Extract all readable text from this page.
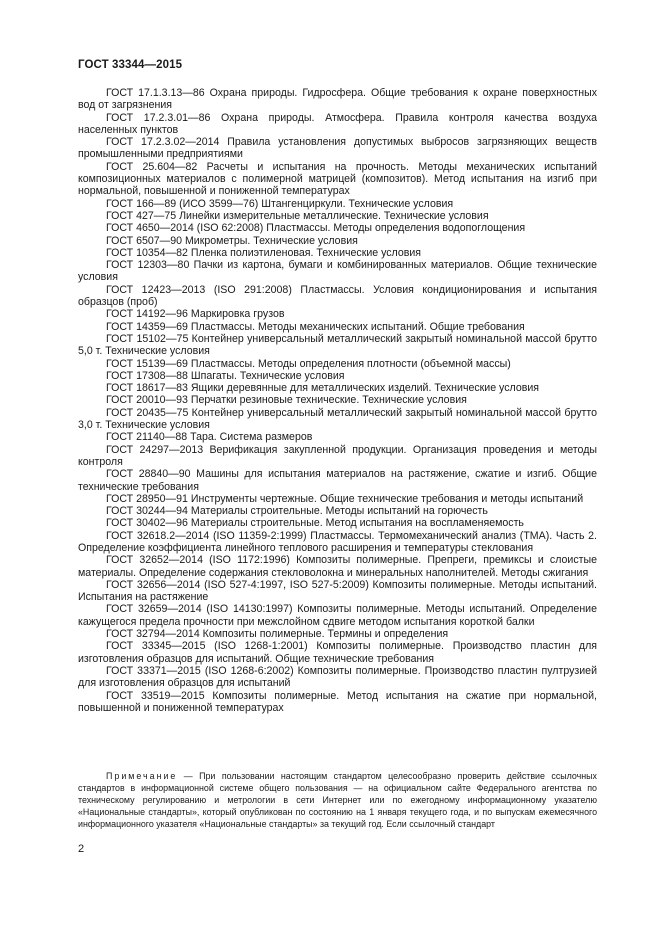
ГОСТ 33344—2015

ГОСТ 17.1.3.13—86 Охрана природы. Гидросфера. Общие требования к охране поверхностных вод от загрязнения

ГОСТ 17.2.3.01—86 Охрана природы. Атмосфера. Правила контроля качества воздуха населенных пунктов

ГОСТ 17.2.3.02—2014 Правила установления допустимых выбросов загрязняющих веществ промышленными предприятиями

ГОСТ 25.604—82 Расчеты и испытания на прочность. Методы механических испытаний композиционных материалов с полимерной матрицей (композитов). Метод испытания на изгиб при нормальной, повышенной и пониженной температурах

ГОСТ 166—89 (ИСО 3599—76) Штангенциркули. Технические условия

ГОСТ 427—75 Линейки измерительные металлические. Технические условия

ГОСТ 4650—2014 (ISO 62:2008) Пластмассы. Методы определения водопоглощения

ГОСТ 6507—90 Микрометры. Технические условия

ГОСТ 10354—82 Пленка полиэтиленовая. Технические условия

ГОСТ 12303—80 Пачки из картона, бумаги и комбинированных материалов. Общие технические условия

ГОСТ 12423—2013 (ISO 291:2008) Пластмассы. Условия кондиционирования и испытания образцов (проб)

ГОСТ 14192—96 Маркировка грузов

ГОСТ 14359—69 Пластмассы. Методы механических испытаний. Общие требования

ГОСТ 15102—75 Контейнер универсальный металлический закрытый номинальной массой брутто 5,0 т. Технические условия

ГОСТ 15139—69 Пластмассы. Методы определения плотности (объемной массы)

ГОСТ 17308—88 Шпагаты. Технические условия

ГОСТ 18617—83 Ящики деревянные для металлических изделий. Технические условия

ГОСТ 20010—93 Перчатки резиновые технические. Технические условия

ГОСТ 20435—75 Контейнер универсальный металлический закрытый номинальной массой брутто 3,0 т. Технические условия

ГОСТ 21140—88 Тара. Система размеров

ГОСТ 24297—2013 Верификация закупленной продукции. Организация проведения и методы контроля

ГОСТ 28840—90 Машины для испытания материалов на растяжение, сжатие и изгиб. Общие технические требования

ГОСТ 28950—91 Инструменты чертежные. Общие технические требования и методы испытаний

ГОСТ 30244—94 Материалы строительные. Методы испытаний на горючесть

ГОСТ 30402—96 Материалы строительные. Метод испытания на воспламеняемость

ГОСТ 32618.2—2014 (ISO 11359-2:1999) Пластмассы. Термомеханический анализ (ТМА). Часть 2. Определение коэффициента линейного теплового расширения и температуры стеклования

ГОСТ 32652—2014 (ISO 1172:1996) Композиты полимерные. Препреги, премиксы и слоистые материалы. Определение содержания стекловолокна и минеральных наполнителей. Методы сжигания

ГОСТ 32656—2014 (ISO 527-4:1997, ISO 527-5:2009) Композиты полимерные. Методы испытаний. Испытания на растяжение

ГОСТ 32659—2014 (ISO 14130:1997) Композиты полимерные. Методы испытаний. Определение кажущегося предела прочности при межслойном сдвиге методом испытания короткой балки

ГОСТ 32794—2014 Композиты полимерные. Термины и определения

ГОСТ 33345—2015 (ISO 1268-1:2001) Композиты полимерные. Производство пластин для изготовления образцов для испытаний. Общие технические требования

ГОСТ 33371—2015 (ISO 1268-6:2002) Композиты полимерные. Производство пластин пултрузией для изготовления образцов для испытаний

ГОСТ 33519—2015 Композиты полимерные. Метод испытания на сжатие при нормальной, повышенной и пониженной температурах

Примечание — При пользовании настоящим стандартом целесообразно проверить действие ссылочных стандартов в информационной системе общего пользования — на официальном сайте Федерального агентства по техническому регулированию и метрологии в сети Интернет или по ежегодному информационному указателю «Национальные стандарты», который опубликован по состоянию на 1 января текущего года, и по выпускам ежемесячного информационного указателя «Национальные стандарты» за текущий год. Если ссылочный стандарт

2
